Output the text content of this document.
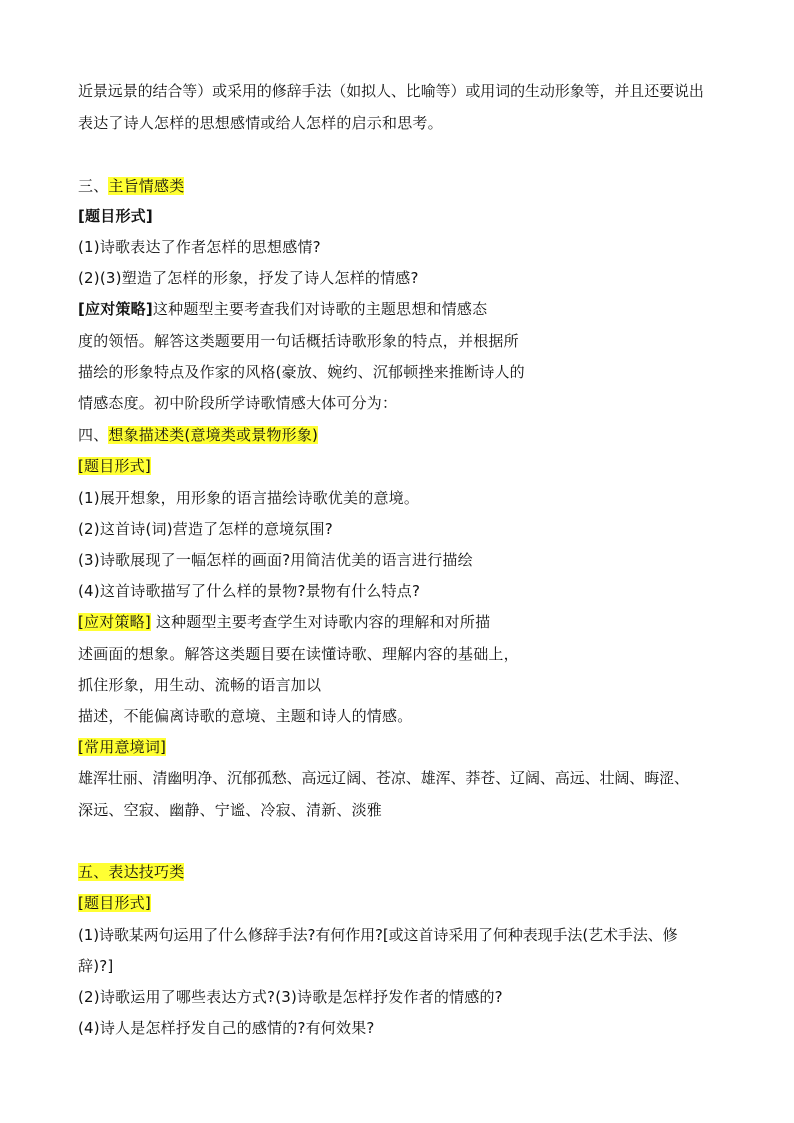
近景远景的结合等）或采用的修辞手法（如拟人、比喻等）或用词的生动形象等，并且还要说出
表达了诗人怎样的思想感情或给人怎样的启示和思考。
三、主旨情感类
[题目形式]
(1)诗歌表达了作者怎样的思想感情?
(2)(3)塑造了怎样的形象，抒发了诗人怎样的情感?
[应对策略]这种题型主要考查我们对诗歌的主题思想和情感态
度的领悟。解答这类题要用一句话概括诗歌形象的特点，并根据所
描绘的形象特点及作家的风格(豪放、婉约、沉郁顿挫来推断诗人的
情感态度。初中阶段所学诗歌情感大体可分为：
四、想象描述类(意境类或景物形象)
[题目形式]
(1)展开想象，用形象的语言描绘诗歌优美的意境。
(2)这首诗(词)营造了怎样的意境氛围?
(3)诗歌展现了一幅怎样的画面?用简洁优美的语言进行描绘
(4)这首诗歌描写了什么样的景物?景物有什么特点?
[应对策略] 这种题型主要考查学生对诗歌内容的理解和对所描
述画面的想象。解答这类题目要在读懂诗歌、理解内容的基础上，
抓住形象，用生动、流畅的语言加以
描述，不能偏离诗歌的意境、主题和诗人的情感。
[常用意境词]
雄浑壮丽、清幽明净、沉郁孤愁、高远辽阔、苍凉、雄浑、莽苍、辽阔、高远、壮阔、晦涩、
深远、空寂、幽静、宁谧、冷寂、清新、淡雅
五、表达技巧类
[题目形式]
(1)诗歌某两句运用了什么修辞手法?有何作用?[或这首诗采用了何种表现手法(艺术手法、修
辞)?]
(2)诗歌运用了哪些表达方式?(3)诗歌是怎样抒发作者的情感的?
(4)诗人是怎样抒发自己的感情的?有何效果?
